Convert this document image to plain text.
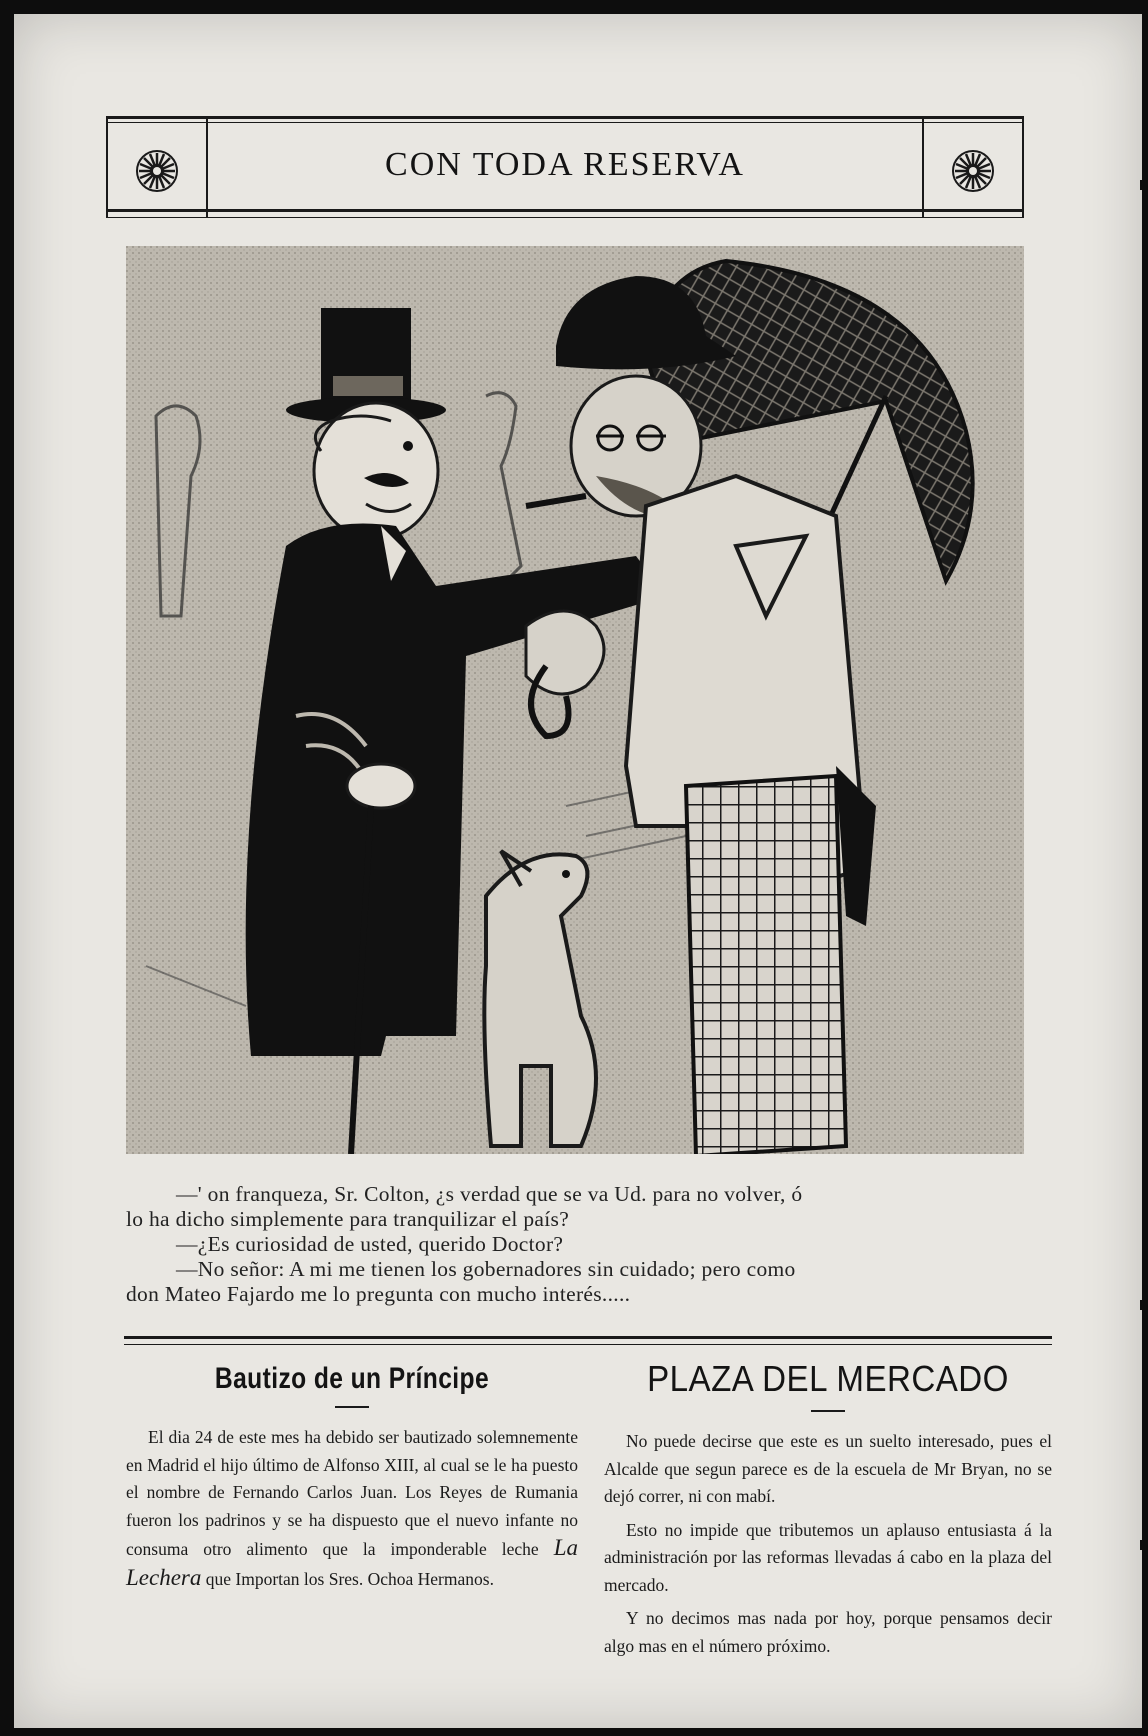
CON TODA RESERVA

—' on franqueza, Sr. Colton, ¿s verdad que se va Ud. para no volver, ó

lo ha dicho simplemente para tranquilizar el país?

—¿Es curiosidad de usted, querido Doctor?

—No señor: A mi me tienen los gobernadores sin cuidado; pero como

don Mateo Fajardo me lo pregunta con mucho interés.....

Bautizo de un Príncipe

El dia 24 de este mes ha debido ser bautizado solemnemente en Madrid el hijo último de Alfonso XIII, al cual se le ha puesto el nombre de Fernando Carlos Juan. Los Reyes de Rumania fueron los padrinos y se ha dispuesto que el nuevo infante no consuma otro alimento que la imponderable leche La Lechera que Importan los Sres. Ochoa Hermanos.

PLAZA DEL MERCADO

No puede decirse que este es un suelto interesado, pues el Alcalde que segun parece es de la escuela de Mr Bryan, no se dejó correr, ni con mabí.

Esto no impide que tributemos un aplauso entusiasta á la administración por las reformas llevadas á cabo en la plaza del mercado.

Y no decimos mas nada por hoy, porque pensamos decir algo mas en el número próximo.
